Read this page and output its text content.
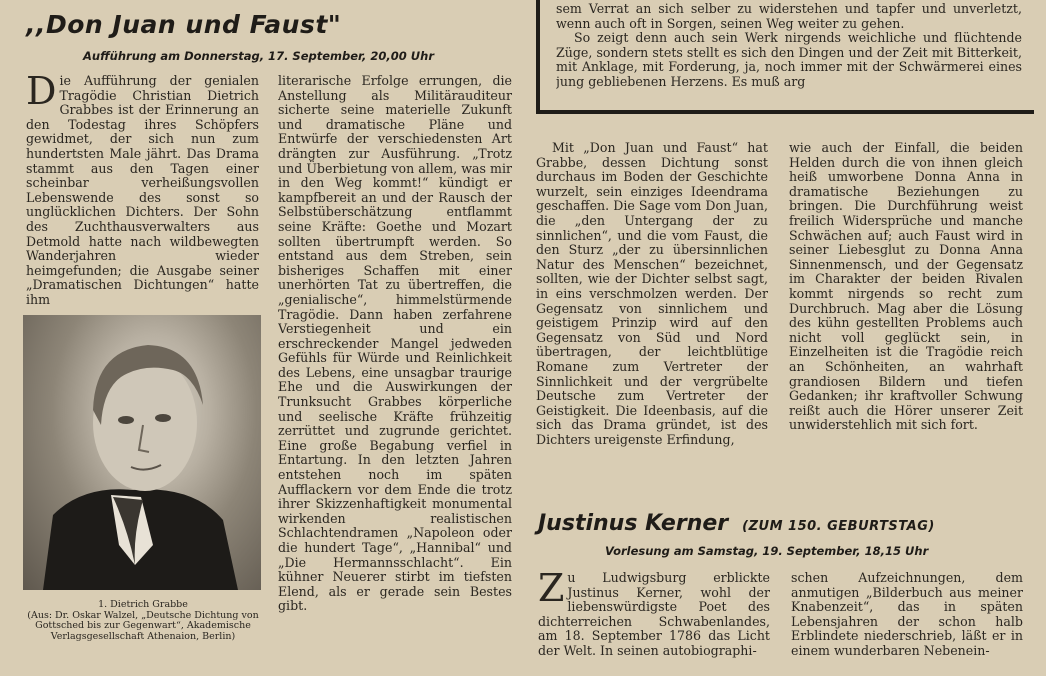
,,Don Juan und Faust"
Aufführung am Donnerstag, 17. September, 20,00 Uhr
Die Aufführung der genialen Tragödie Christian Dietrich Grabbes ist der Erinnerung an den Todestag ihres Schöpfers gewidmet, der sich nun zum hundertsten Male jährt. Das Drama stammt aus den Tagen einer scheinbar verheißungsvollen Lebenswende des sonst so unglücklichen Dichters. Der Sohn des Zuchthausverwalters aus Detmold hatte nach wildbewegten Wanderjahren wieder heimgefunden; die Ausgabe seiner „Dramatischen Dichtungen“ hatte ihm
1. Dietrich Grabbe
(Aus: Dr. Oskar Walzel, „Deutsche Dichtung von Gottsched bis zur Gegenwart“, Akademische Verlagsgesellschaft Athenaion, Berlin)
literarische Erfolge errungen, die Anstellung als Militärauditeur sicherte seine materielle Zukunft und dramatische Pläne und Entwürfe der verschiedensten Art drängten zur Ausführung. „Trotz und Überbietung von allem, was mir in den Weg kommt!“ kündigt er kampfbereit an und der Rausch der Selbstüberschätzung entflammt seine Kräfte: Goethe und Mozart sollten übertrumpft werden. So entstand aus dem Streben, sein bisheriges Schaffen mit einer unerhörten Tat zu übertreffen, die „genialische“, himmelstürmende Tragödie. Dann haben zerfahrene Verstiegenheit und ein erschreckender Mangel jedweden Gefühls für Würde und Reinlichkeit des Lebens, eine unsagbar traurige Ehe und die Auswirkungen der Trunksucht Grabbes körperliche und seelische Kräfte frühzeitig zerrüttet und zugrunde gerichtet. Eine große Begabung verfiel in Entartung. In den letzten Jahren entstehen noch im späten Aufflackern vor dem Ende die trotz ihrer Skizzenhaftigkeit monumental wirkenden realistischen Schlachtendramen „Napoleon oder die hundert Tage“, „Hannibal“ und „Die Hermannsschlacht“. Ein kühner Neuerer stirbt im tiefsten Elend, als er gerade sein Bestes gibt.

sem Verrat an sich selber zu widerstehen und tapfer und unverletzt, wenn auch oft in Sorgen, seinen Weg weiter zu gehen.

So zeigt denn auch sein Werk nirgends weichliche und flüchtende Züge, sondern stets stellt es sich den Dingen und der Zeit mit Bitterkeit, mit Anklage, mit Forderung, ja, noch immer mit der Schwärmerei eines jung gebliebenen Herzens. Es muß arg

Mit „Don Juan und Faust“ hat Grabbe, dessen Dichtung sonst durchaus im Boden der Geschichte wurzelt, sein einziges Ideendrama geschaffen. Die Sage vom Don Juan, die „den Untergang der zu sinnlichen“, und die vom Faust, die den Sturz „der zu übersinnlichen Natur des Menschen“ bezeichnet, sollten, wie der Dichter selbst sagt, in eins verschmolzen werden. Der Gegensatz von sinnlichem und geistigem Prinzip wird auf den Gegensatz von Süd und Nord übertragen, der leichtblütige Romane zum Vertreter der Sinnlichkeit und der vergrübelte Deutsche zum Vertreter der Geistigkeit. Die Ideenbasis, auf die sich das Drama gründet, ist des Dichters ureigenste Erfindung,

wie auch der Einfall, die beiden Helden durch die von ihnen gleich heiß umworbene Donna Anna in dramatische Beziehungen zu bringen. Die Durchführung weist freilich Widersprüche und manche Schwächen auf; auch Faust wird in seiner Liebesglut zu Donna Anna Sinnenmensch, und der Gegensatz im Charakter der beiden Rivalen kommt nirgends so recht zum Durchbruch. Mag aber die Lösung des kühn gestellten Problems auch nicht voll geglückt sein, in Einzelheiten ist die Tragödie reich an Schönheiten, an wahrhaft grandiosen Bildern und tiefen Gedanken; ihr kraftvoller Schwung reißt auch die Hörer unserer Zeit unwiderstehlich mit sich fort.
Justinus Kerner (ZUM 150. GEBURTSTAG)
Vorlesung am Samstag, 19. September, 18,15 Uhr
Zu Ludwigsburg erblickte Justinus Kerner, wohl der liebenswürdigste Poet des dichterreichen Schwabenlandes, am 18. September 1786 das Licht der Welt. In seinen autobiographi-
schen Aufzeichnungen, dem anmutigen „Bilderbuch aus meiner Knabenzeit“, das in späten Lebensjahren der schon halb Erblindete niederschrieb, läßt er in einem wunderbaren Nebenein-
